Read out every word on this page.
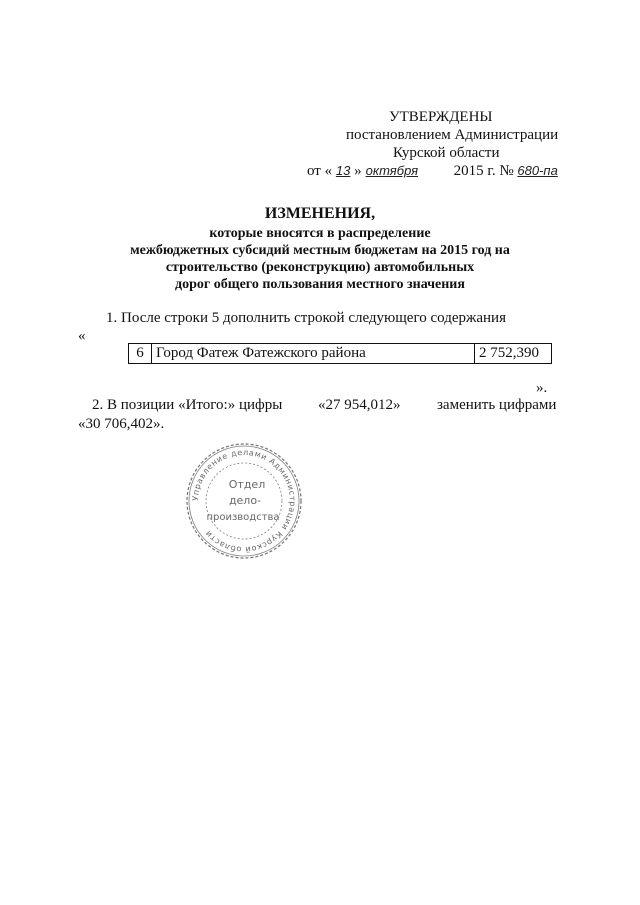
УТВЕРЖДЕНЫ
постановлением Администрации
Курской области
от « 13 » октября 2015 г. № 680-па
ИЗМЕНЕНИЯ,
которые вносятся в распределение
межбюджетных субсидий местным бюджетам на 2015 год на
строительство (реконструкцию) автомобильных
дорог общего пользования местного значения
1. После строки 5 дополнить строкой следующего содержания
«
6	Город Фатеж Фатежского района	2 752,390
».
2. В позиции «Итого:» цифры «27 954,012» заменить цифрами
«30 706,402».
Управление делами Администрации Курской области
Отдел
дело-
производства
